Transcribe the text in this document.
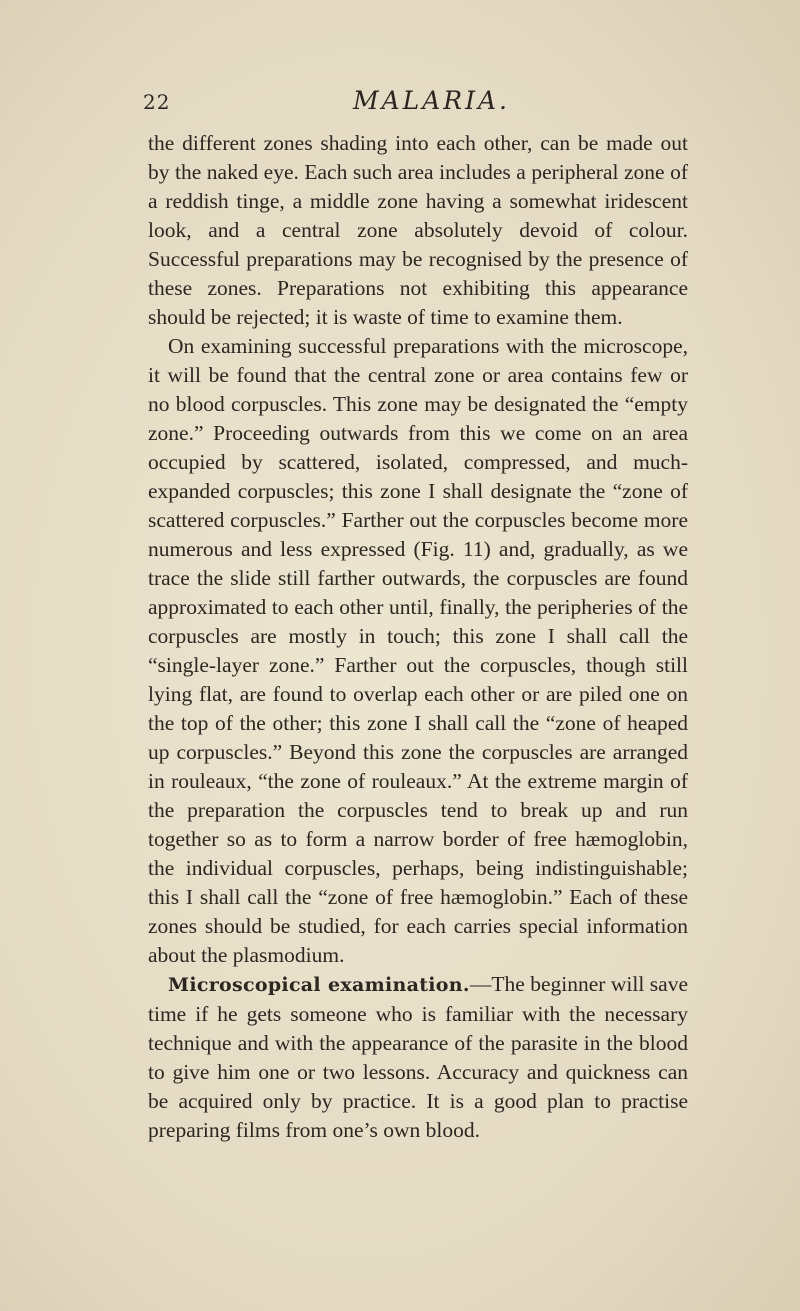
22	MALARIA.

the different zones shading into each other, can be made out by the naked eye. Each such area includes a peripheral zone of a reddish tinge, a middle zone having a somewhat iridescent look, and a central zone absolutely devoid of colour. Successful preparations may be recognised by the presence of these zones. Preparations not exhibiting this appearance should be rejected; it is waste of time to examine them.

On examining successful preparations with the microscope, it will be found that the central zone or area contains few or no blood corpuscles. This zone may be designated the “empty zone.” Proceeding outwards from this we come on an area occupied by scattered, isolated, compressed, and much-expanded corpuscles; this zone I shall designate the “zone of scattered corpuscles.” Farther out the corpuscles become more numerous and less expressed (Fig. 11) and, gradually, as we trace the slide still farther outwards, the corpuscles are found approximated to each other until, finally, the peripheries of the corpuscles are mostly in touch; this zone I shall call the “single-layer zone.” Farther out the corpuscles, though still lying flat, are found to overlap each other or are piled one on the top of the other; this zone I shall call the “zone of heaped up corpuscles.” Beyond this zone the corpuscles are arranged in rouleaux, “the zone of rouleaux.” At the extreme margin of the preparation the corpuscles tend to break up and run together so as to form a narrow border of free hæmoglobin, the individual corpuscles, perhaps, being indistinguishable; this I shall call the “zone of free hæmoglobin.” Each of these zones should be studied, for each carries special information about the plasmodium.

Microscopical examination.—The beginner will save time if he gets someone who is familiar with the necessary technique and with the appearance of the parasite in the blood to give him one or two lessons. Accuracy and quickness can be acquired only by practice. It is a good plan to practise preparing films from one’s own blood.
